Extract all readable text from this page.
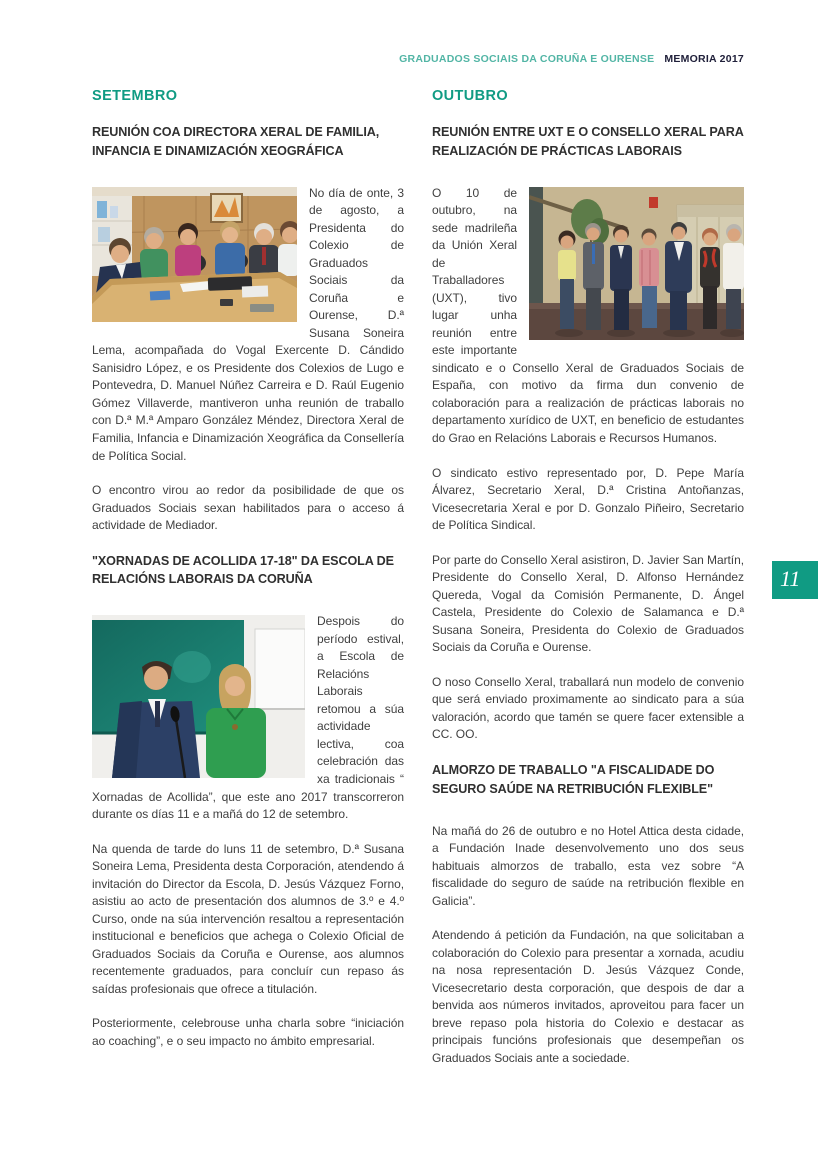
GRADUADOS SOCIAIS DA CORUÑA E OURENSE MEMORIA 2017
11
SETEMBRO
REUNIÓN COA DIRECTORA XERAL DE FAMILIA, INFANCIA E DINAMIZACIÓN XEOGRÁFICA

No día de onte, 3 de agosto, a Presidenta do Colexio de Graduados Sociais da Coruña e Ourense, D.ª Susana Soneira Lema, acompañada do Vogal Exercente D. Cándido Sanisidro López, e os Presidente dos Colexios de Lugo e Pontevedra, D. Manuel Núñez Carreira e D. Raúl Eugenio Gómez Villaverde, mantiveron unha reunión de traballo con D.ª M.ª Amparo González Méndez, Directora Xeral de Familia, Infancia e Dinamización Xeográfica da Consellería de Política Social.

O encontro virou ao redor da posibilidade de que os Graduados Sociais sexan habilitados para o acceso á actividade de Mediador.

"XORNADAS DE ACOLLIDA 17-18" DA ESCOLA DE RELACIÓNS LABORAIS DA CORUÑA

Despois do período estival, a Escola de Relacións Laborais retomou a súa actividade lectiva, coa celebración das xa tradicionais “ Xornadas de Acollida”, que este ano 2017 transcorreron durante os días 11 e a mañá do 12 de setembro.

Na quenda de tarde do luns 11 de setembro, D.ª Susana Soneira Lema, Presidenta desta Corporación, atendendo á invitación do Director da Escola, D. Jesús Vázquez Forno, asistiu ao acto de presentación dos alumnos de 3.º e 4.º Curso, onde na súa intervención resaltou a representación institucional e beneficios que achega o Colexio Oficial de Graduados Sociais da Coruña e Ourense, aos alumnos recentemente graduados, para concluír cun repaso ás saídas profesionais que ofrece a titulación.

Posteriormente, celebrouse unha charla sobre “iniciación ao coaching”, e o seu impacto no ámbito empresarial.

OUTUBRO
REUNIÓN ENTRE UXT E O CONSELLO XERAL PARA REALIZACIÓN DE PRÁCTICAS LABORAIS

O 10 de outubro, na sede madrileña da Unión Xeral de Traballadores (UXT), tivo lugar unha reunión entre este importante sindicato e o Consello Xeral de Graduados Sociais de España, con motivo da firma dun convenio de colaboración para a realización de prácticas laborais no departamento xurídico de UXT, en beneficio de estudantes do Grao en Relacións Laborais e Recursos Humanos.

O sindicato estivo representado por, D. Pepe María Álvarez, Secretario Xeral, D.ª Cristina Antoñanzas, Vicesecretaria Xeral e por D. Gonzalo Piñeiro, Secretario de Política Sindical.

Por parte do Consello Xeral asistiron, D. Javier San Martín, Presidente do Consello Xeral, D. Alfonso Hernández Quereda, Vogal da Comisión Permanente, D. Ángel Castela, Presidente do Colexio de Salamanca e D.ª Susana Soneira, Presidenta do Colexio de Graduados Sociais da Coruña e Ourense.

O noso Consello Xeral, traballará nun modelo de convenio que será enviado proximamente ao sindicato para a súa valoración, acordo que tamén se quere facer extensible a CC. OO.

ALMORZO DE TRABALLO "A FISCALIDADE DO SEGURO SAÚDE NA RETRIBUCIÓN FLEXIBLE"

Na mañá do 26 de outubro e no Hotel Attica desta cidade, a Fundación Inade desenvolvemento uno dos seus habituais almorzos de traballo, esta vez sobre “A fiscalidade do seguro de saúde na retribución flexible en Galicia”.

Atendendo á petición da Fundación, na que solicitaban a colaboración do Colexio para presentar a xornada, acudiu na nosa representación D. Jesús Vázquez Conde, Vicesecretario desta corporación, que despois de dar a benvida aos números invitados, aproveitou para facer un breve repaso pola historia do Colexio e destacar as principais funcións profesionais que desempeñan os Graduados Sociais ante a sociedade.
